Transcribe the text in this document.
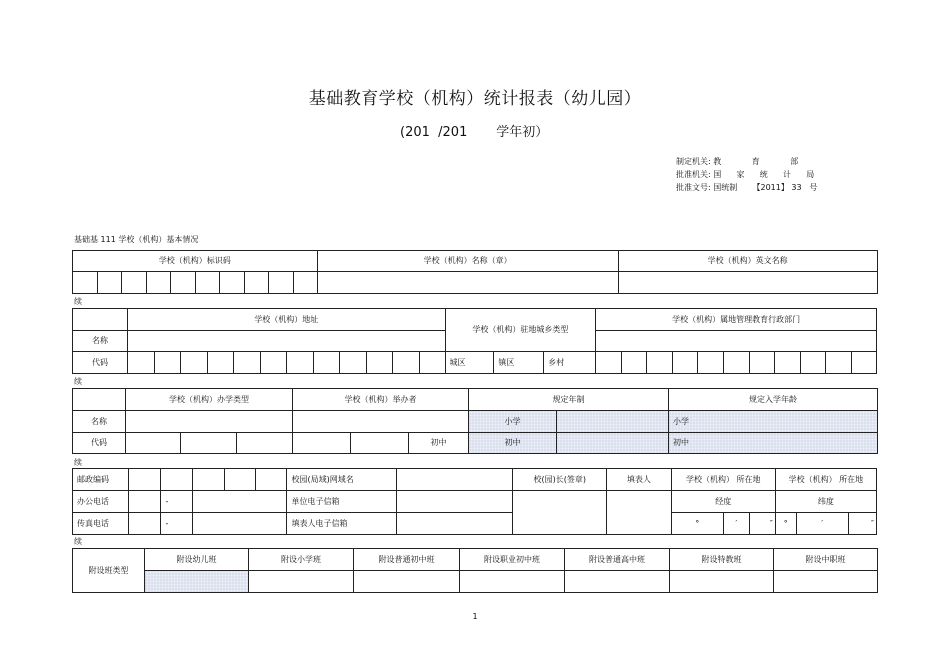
基础教育学校（机构）统计报表（幼儿园）
(201  /201       学年初）
制定机关: 教            育            部
批准机关: 国      家      统      计      局
批准文号: 国统制      【2011】 33   号
基础基 111 学校（机构）基本情况
学校（机构）标识码										学校（机构）名称（章）	学校（机构）英文名称

续
	学校（机构）地址												学校（机构）驻地城乡类型			学校（机构）属地管理教育行政部门										
名称																										
代码													城区	镇区	乡村											
续
	学校（机构）办学类型			学校（机构）举办者			规定年制		规定入学年龄
名称							小学		小学
代码						初中	初中		初中
续
邮政编码						校园(局域)网域名		校(园)长(签章)	填表人	学校（机构） 所在地			学校（机构） 所在地		
办公电话		-				单位电子信箱				经度			纬度		
传真电话		-				填表人电子信箱				°	′	″	°	′	″
续
附设班类型	附设幼儿班	附设小学班	附设普通初中班	附设职业初中班	附设普通高中班	附设特教班	附设中职班

1
